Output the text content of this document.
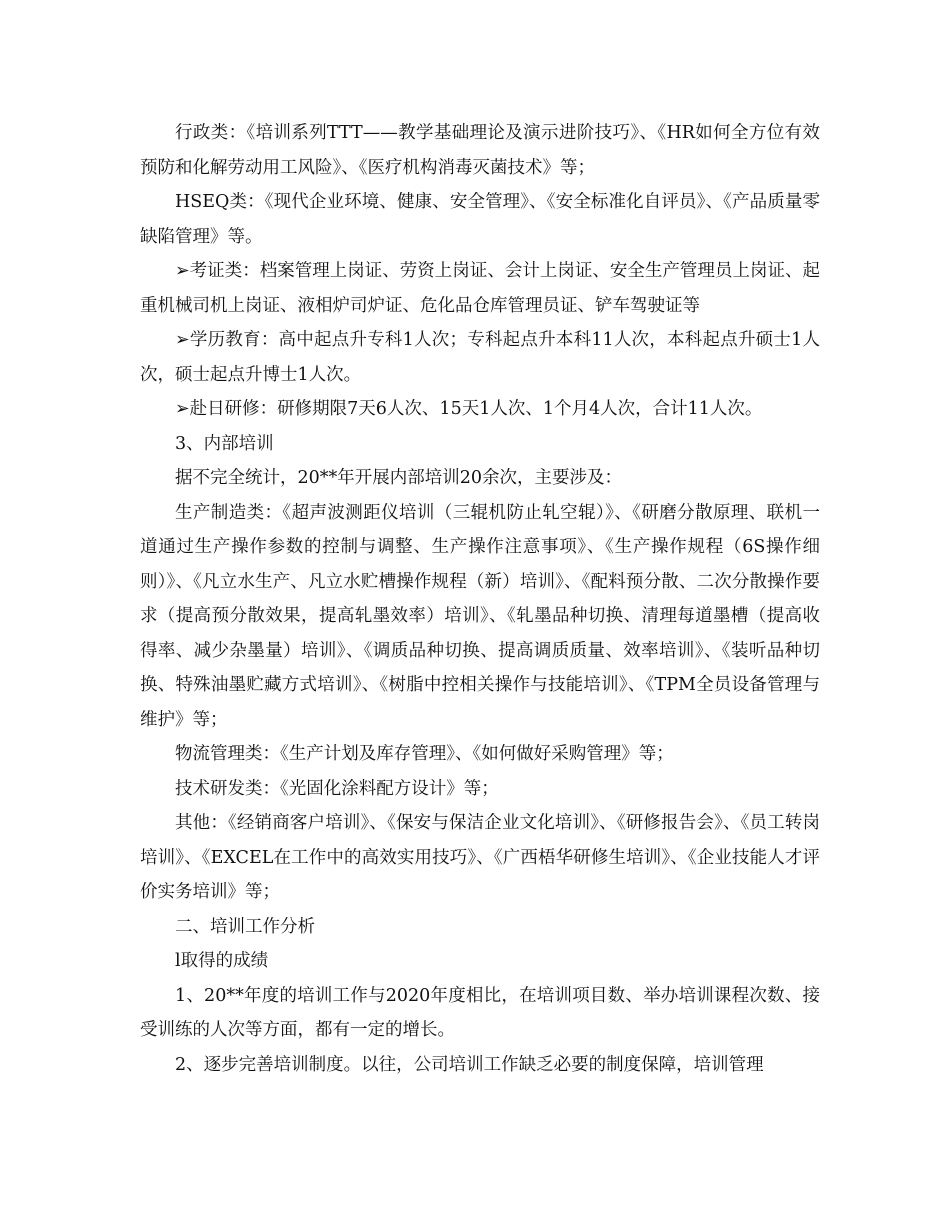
行政类：《培训系列TTT——教学基础理论及演示进阶技巧》、《HR如何全方位有效预防和化解劳动用工风险》、《医疗机构消毒灭菌技术》等；

HSEQ类：《现代企业环境、健康、安全管理》、《安全标准化自评员》、《产品质量零缺陷管理》等。

➢考证类：档案管理上岗证、劳资上岗证、会计上岗证、安全生产管理员上岗证、起重机械司机上岗证、液相炉司炉证、危化品仓库管理员证、铲车驾驶证等

➢学历教育：高中起点升专科1人次；专科起点升本科11人次，本科起点升硕士1人次，硕士起点升博士1人次。

➢赴日研修：研修期限7天6人次、15天1人次、1个月4人次，合计11人次。

3、内部培训

据不完全统计，20**年开展内部培训20余次，主要涉及：

生产制造类：《超声波测距仪培训（三辊机防止轧空辊）》、《研磨分散原理、联机一道通过生产操作参数的控制与调整、生产操作注意事项》、《生产操作规程（6S操作细则）》、《凡立水生产、凡立水贮槽操作规程（新）培训》、《配料预分散、二次分散操作要求（提高预分散效果，提高轧墨效率）培训》、《轧墨品种切换、清理每道墨槽（提高收得率、减少杂墨量）培训》、《调质品种切换、提高调质质量、效率培训》、《装听品种切换、特殊油墨贮藏方式培训》、《树脂中控相关操作与技能培训》、《TPM全员设备管理与维护》等；

物流管理类：《生产计划及库存管理》、《如何做好采购管理》等；

技术研发类：《光固化涂料配方设计》等；

其他：《经销商客户培训》、《保安与保洁企业文化培训》、《研修报告会》、《员工转岗培训》、《EXCEL在工作中的高效实用技巧》、《广西梧华研修生培训》、《企业技能人才评价实务培训》等；

二、培训工作分析

l取得的成绩

1、20**年度的培训工作与2020年度相比，在培训项目数、举办培训课程次数、接受训练的人次等方面，都有一定的增长。

2、逐步完善培训制度。以往，公司培训工作缺乏必要的制度保障，培训管理
